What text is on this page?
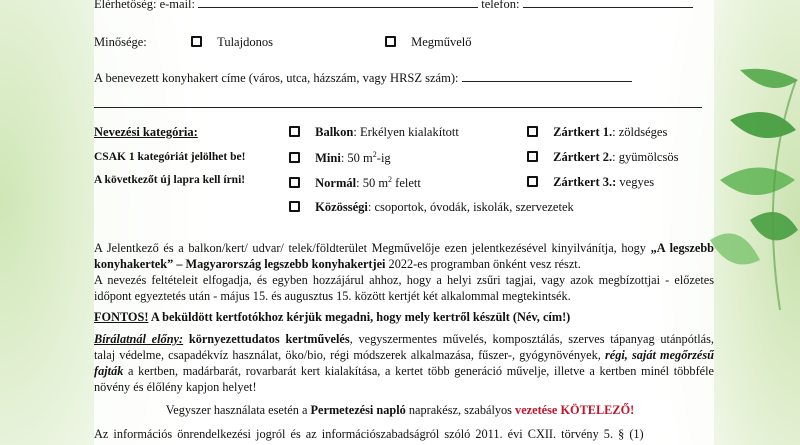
Elérhetőség: e-mail:	telefon:
Minősége:	Tulajdonos	Megművelő
A benevezett konyhakert címe (város, utca, házszám, vagy HRSZ szám):
Nevezési kategória:
CSAK 1 kategóriát jelölhet be!
A következőt új lapra kell írni!
Balkon: Erkélyen kialakított
Mini: 50 $m^2-ig$
Normál: 50 $m^2$ felett
Közösségi: csoportok, óvodák, iskolák, szervezetek
Zártkert 1.: zöldséges
Zártkert 2.: gyümölcsös
Zártkert 3.: vegyes
A Jelentkező és a balkon/kert/ udvar/ telek/földterület Megművelője ezen jelentkezésével kinyilvánítja, hogy „A legszebb konyhakertek” – Magyarország legszebb konyhakertjei 2022-es programban önként vesz részt.
A nevezés feltételeit elfogadja, és egyben hozzájárul ahhoz, hogy a helyi zsűri tagjai, vagy azok megbízottjai - előzetes időpont egyeztetés után - május 15. és augusztus 15. között kertjét két alkalommal megtekintsék.
FONTOS! A beküldött kertfotókhoz kérjük megadni, hogy mely kertről készült (Név, cím!)
Bírálatnál előny: környezettudatos kertművelés, vegyszermentes művelés, komposztálás, szerves tápanyag utánpótlás, talaj védelme, csapadékvíz használat, öko/bio, régi módszerek alkalmazása, fűszer-, gyógynövények, régi, saját megőrzésű fajták a kertben, madárbarát, rovarbarát kert kialakítása, a kertet több generáció művelje, illetve a kertben minél többféle növény és élőlény kapjon helyet!
Vegyszer használata esetén a Permetezési napló naprakész, szabályos vezetése KÖTELEZŐ!
Az információs önrendelkezési jogról és az információszabadságról szóló 2011. évi CXII. törvény 5. § (1)
